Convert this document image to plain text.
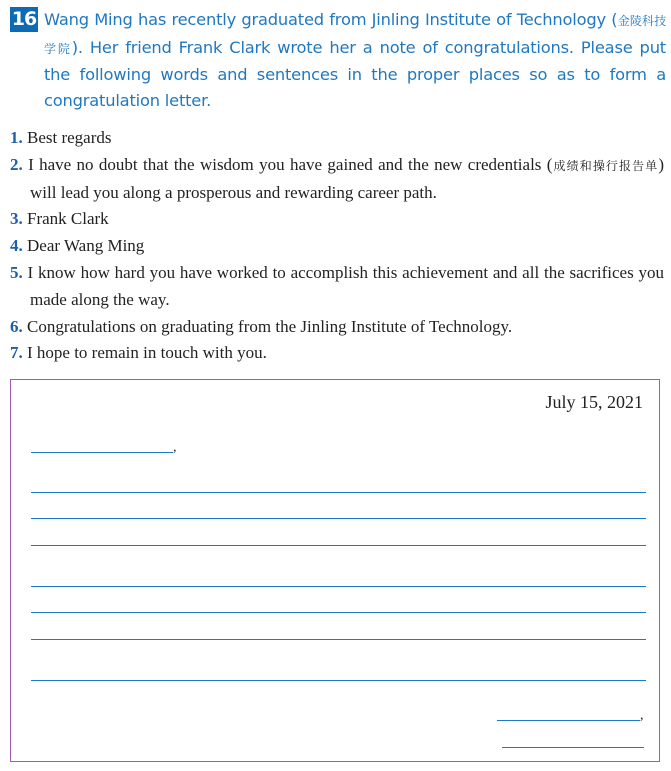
16 Wang Ming has recently graduated from Jinling Institute of Technology (金陵科技学院). Her friend Frank Clark wrote her a note of congratulations. Please put the following words and sentences in the proper places so as to form a congratulation letter.
1. Best regards
2. I have no doubt that the wisdom you have gained and the new credentials (成绩和操行报告单) will lead you along a prosperous and rewarding career path.
3. Frank Clark
4. Dear Wang Ming
5. I know how hard you have worked to accomplish this achievement and all the sacrifices you made along the way.
6. Congratulations on graduating from the Jinling Institute of Technology.
7. I hope to remain in touch with you.
July 15, 2021
,
,
